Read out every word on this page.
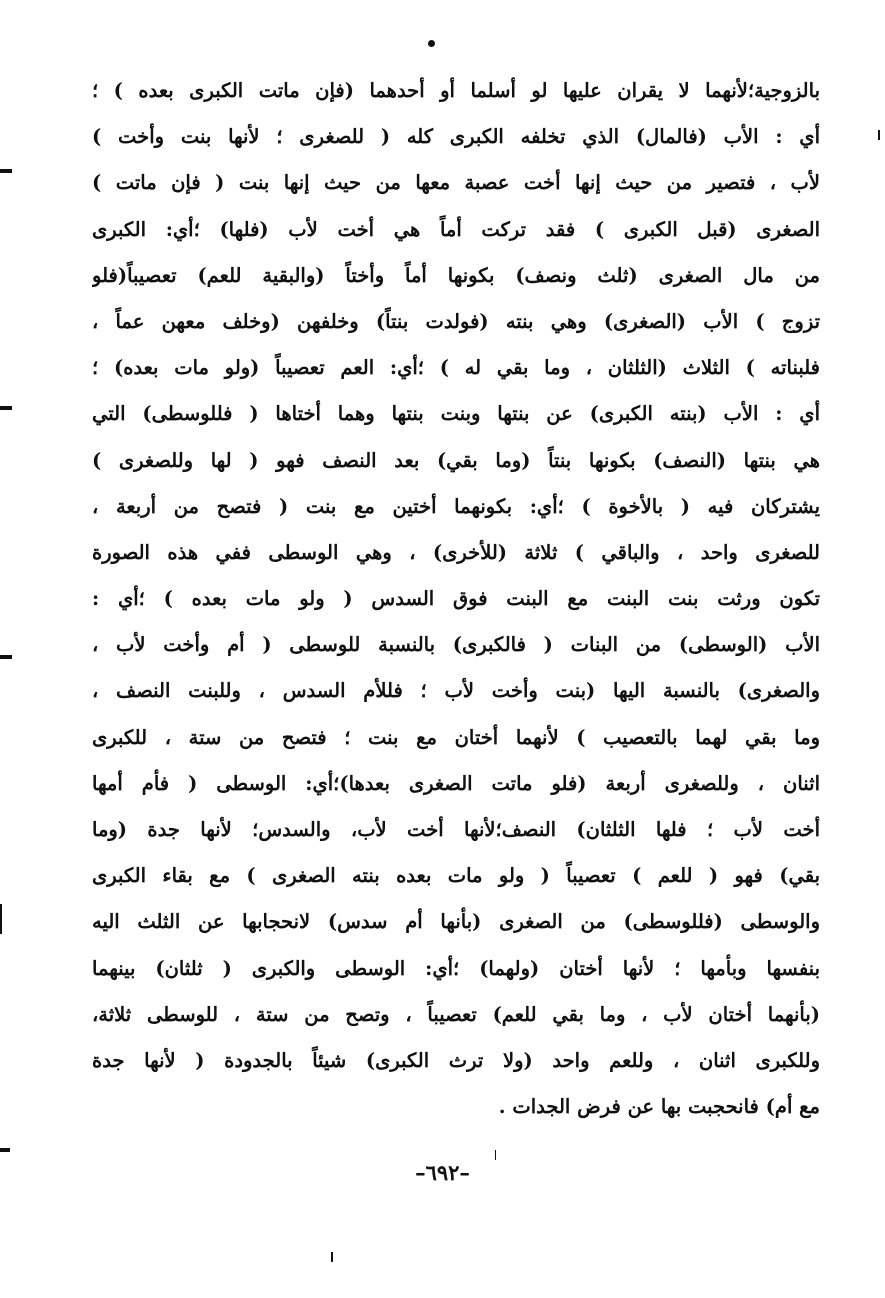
بالزوجية؛لأنهما لا يقران عليها لو أسلما أو أحدهما (فإن ماتت الكبرى بعده ) ؛
أي : الأب (فالمال) الذي تخلفه الكبرى كله ( للصغرى ؛ لأنها بنت وأخت )
لأب ، فتصير من حيث إنها أخت عصبة معها من حيث إنها بنت ( فإن ماتت )
الصغرى (قبل الكبرى ) فقد تركت أماً هي أخت لأب (فلها) ؛أي: الكبرى
من مال الصغرى (ثلث ونصف) بكونها أماً وأختاً (والبقية للعم) تعصيباً(فلو
تزوج ) الأب (الصغرى) وهي بنته (فولدت بنتاً) وخلفهن (وخلف معهن عماً ،
فلبناته ) الثلاث (الثلثان ، وما بقي له ) ؛أي: العم تعصيباً (ولو مات بعده) ؛
أي : الأب (بنته الكبرى) عن بنتها وبنت بنتها وهما أختاها ( فللوسطى) التي
هي بنتها (النصف) بكونها بنتاً (وما بقي) بعد النصف فهو ( لها وللصغرى )
يشتركان فيه ( بالأخوة ) ؛أي: بكونهما أختين مع بنت ( فتصح من أربعة ،
للصغرى واحد ، والباقي ) ثلاثة (للأخرى) ، وهي الوسطى ففي هذه الصورة
تكون ورثت بنت البنت مع البنت فوق السدس ( ولو مات بعده ) ؛أي :
الأب (الوسطى) من البنات ( فالكبرى) بالنسبة للوسطى ( أم وأخت لأب ،
والصغرى) بالنسبة اليها (بنت وأخت لأب ؛ فللأم السدس ، وللبنت النصف ،
وما بقي لهما بالتعصيب ) لأنهما أختان مع بنت ؛ فتصح من ستة ، للكبرى
اثنان ، وللصغرى أربعة (فلو ماتت الصغرى بعدها)؛أي: الوسطى ( فأم أمها
أخت لأب ؛ فلها الثلثان) النصف؛لأنها أخت لأب، والسدس؛ لأنها جدة (وما
بقي) فهو ( للعم ) تعصيباً ( ولو مات بعده بنته الصغرى ) مع بقاء الكبرى
والوسطى (فللوسطى) من الصغرى (بأنها أم سدس) لانحجابها عن الثلث اليه
بنفسها وبأمها ؛ لأنها أختان (ولهما) ؛أي: الوسطى والكبرى ( ثلثان) بينهما
(بأنهما أختان لأب ، وما بقي للعم) تعصيباً ، وتصح من ستة ، للوسطى ثلاثة،
وللكبرى اثنان ، وللعم واحد (ولا ترث الكبرى) شيئاً بالجدودة ( لأنها جدة
مع أم) فانحجبت بها عن فرض الجدات .
–٦٩٢–
